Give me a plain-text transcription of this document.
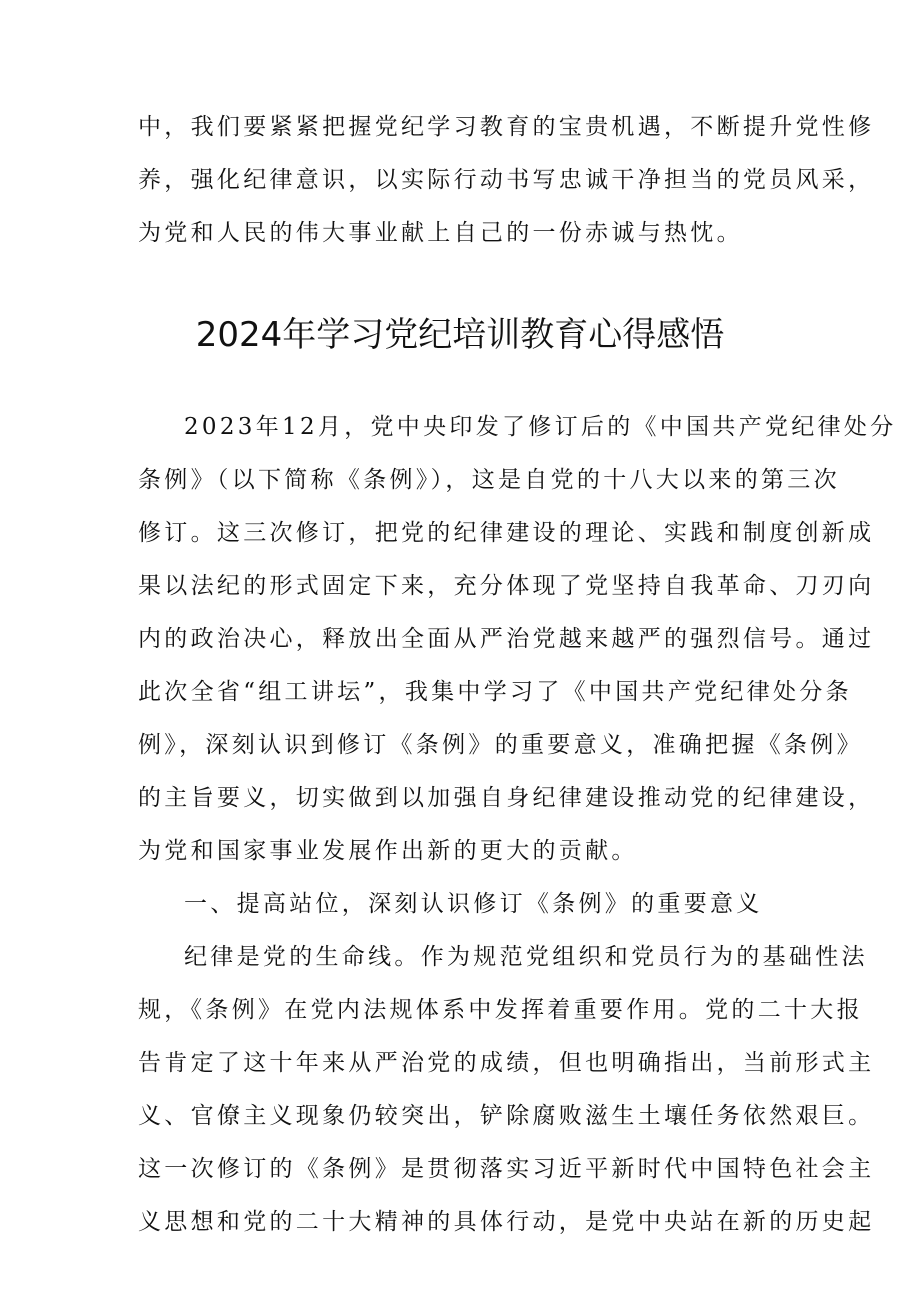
中，我们要紧紧把握党纪学习教育的宝贵机遇，不断提升党性修
养，强化纪律意识，以实际行动书写忠诚干净担当的党员风采，
为党和人民的伟大事业献上自己的一份赤诚与热忱。
2024年学习党纪培训教育心得感悟
2023年12月，党中央印发了修订后的《中国共产党纪律处分
条例》（以下简称《条例》），这是自党的十八大以来的第三次
修订。这三次修订，把党的纪律建设的理论、实践和制度创新成
果以法纪的形式固定下来，充分体现了党坚持自我革命、刀刃向
内的政治决心，释放出全面从严治党越来越严的强烈信号。通过
此次全省“组工讲坛”，我集中学习了《中国共产党纪律处分条
例》，深刻认识到修订《条例》的重要意义，准确把握《条例》
的主旨要义，切实做到以加强自身纪律建设推动党的纪律建设，
为党和国家事业发展作出新的更大的贡献。
一、提高站位，深刻认识修订《条例》的重要意义
纪律是党的生命线。作为规范党组织和党员行为的基础性法
规，《条例》在党内法规体系中发挥着重要作用。党的二十大报
告肯定了这十年来从严治党的成绩，但也明确指出，当前形式主
义、官僚主义现象仍较突出，铲除腐败滋生土壤任务依然艰巨。
这一次修订的《条例》是贯彻落实习近平新时代中国特色社会主
义思想和党的二十大精神的具体行动，是党中央站在新的历史起
